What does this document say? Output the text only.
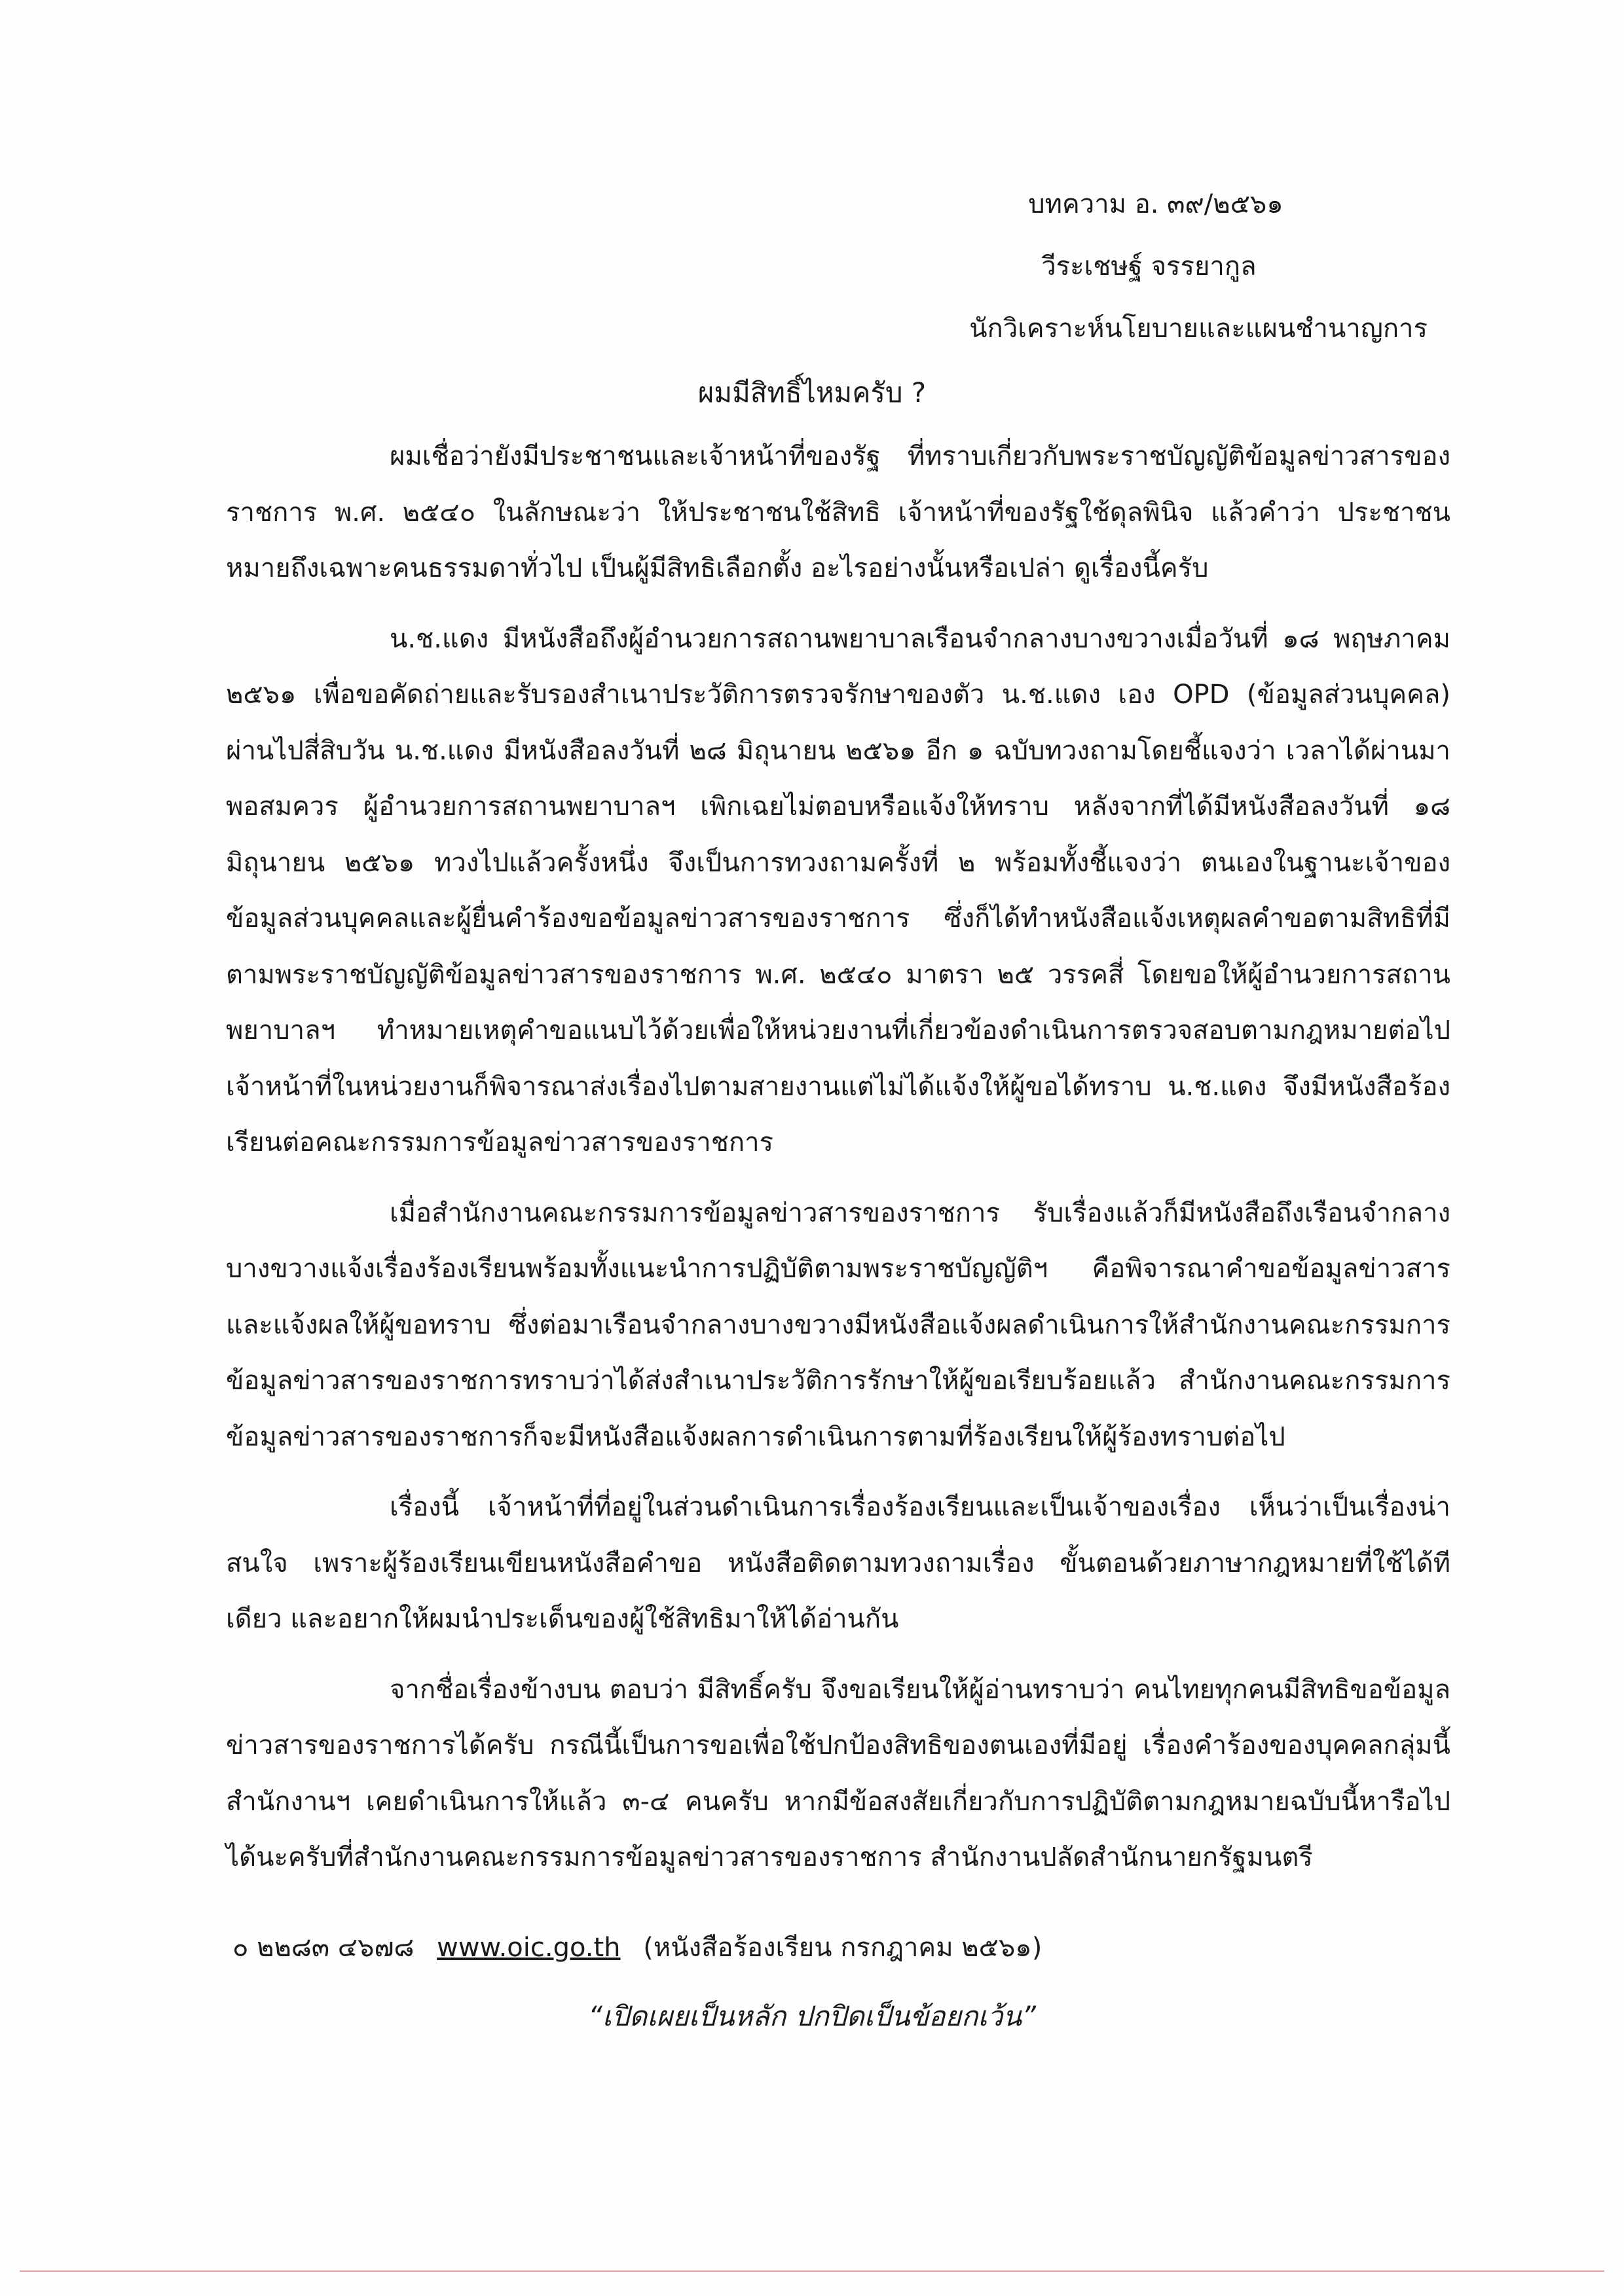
บทความ อ. ๓๙/๒๕๖๑
วีระเชษฐ์ จรรยากูล
นักวิเคราะห์นโยบายและแผนชำนาญการ
ผมมีสิทธิ์ไหมครับ ?

ผมเชื่อว่ายังมีประชาชนและเจ้าหน้าที่ของรัฐ ที่ทราบเกี่ยวกับพระราชบัญญัติข้อมูลข่าวสารของราชการ พ.ศ. ๒๕๔๐ ในลักษณะว่า ให้ประชาชนใช้สิทธิ เจ้าหน้าที่ของรัฐใช้ดุลพินิจ แล้วคำว่า ประชาชน หมายถึงเฉพาะคนธรรมดาทั่วไป เป็นผู้มีสิทธิเลือกตั้ง อะไรอย่างนั้นหรือเปล่า ดูเรื่องนี้ครับ

น.ช.แดง มีหนังสือถึงผู้อำนวยการสถานพยาบาลเรือนจำกลางบางขวางเมื่อวันที่ ๑๘ พฤษภาคม ๒๕๖๑ เพื่อขอคัดถ่ายและรับรองสำเนาประวัติการตรวจรักษาของตัว น.ช.แดง เอง OPD (ข้อมูลส่วนบุคคล) ผ่านไปสี่สิบวัน น.ช.แดง มีหนังสือลงวันที่ ๒๘ มิถุนายน ๒๕๖๑ อีก ๑ ฉบับทวงถามโดยชี้แจงว่า เวลาได้ผ่านมาพอสมควร ผู้อำนวยการสถานพยาบาลฯ เพิกเฉยไม่ตอบหรือแจ้งให้ทราบ หลังจากที่ได้มีหนังสือลงวันที่ ๑๘ มิถุนายน ๒๕๖๑ ทวงไปแล้วครั้งหนึ่ง จึงเป็นการทวงถามครั้งที่ ๒ พร้อมทั้งชี้แจงว่า ตนเองในฐานะเจ้าของข้อมูลส่วนบุคคลและผู้ยื่นคำร้องขอข้อมูลข่าวสารของราชการ ซึ่งก็ได้ทำหนังสือแจ้งเหตุผลคำขอตามสิทธิที่มีตามพระราชบัญญัติข้อมูลข่าวสารของราชการ พ.ศ. ๒๕๔๐ มาตรา ๒๕ วรรคสี่ โดยขอให้ผู้อำนวยการสถานพยาบาลฯ ทำหมายเหตุคำขอแนบไว้ด้วยเพื่อให้หน่วยงานที่เกี่ยวข้องดำเนินการตรวจสอบตามกฎหมายต่อไป เจ้าหน้าที่ในหน่วยงานก็พิจารณาส่งเรื่องไปตามสายงานแต่ไม่ได้แจ้งให้ผู้ขอได้ทราบ น.ช.แดง จึงมีหนังสือร้องเรียนต่อคณะกรรมการข้อมูลข่าวสารของราชการ

เมื่อสำนักงานคณะกรรมการข้อมูลข่าวสารของราชการ รับเรื่องแล้วก็มีหนังสือถึงเรือนจำกลางบางขวางแจ้งเรื่องร้องเรียนพร้อมทั้งแนะนำการปฏิบัติตามพระราชบัญญัติฯ คือพิจารณาคำขอข้อมูลข่าวสารและแจ้งผลให้ผู้ขอทราบ ซึ่งต่อมาเรือนจำกลางบางขวางมีหนังสือแจ้งผลดำเนินการให้สำนักงานคณะกรรมการข้อมูลข่าวสารของราชการทราบว่าได้ส่งสำเนาประวัติการรักษาให้ผู้ขอเรียบร้อยแล้ว สำนักงานคณะกรรมการข้อมูลข่าวสารของราชการก็จะมีหนังสือแจ้งผลการดำเนินการตามที่ร้องเรียนให้ผู้ร้องทราบต่อไป

เรื่องนี้ เจ้าหน้าที่ที่อยู่ในส่วนดำเนินการเรื่องร้องเรียนและเป็นเจ้าของเรื่อง เห็นว่าเป็นเรื่องน่าสนใจ เพราะผู้ร้องเรียนเขียนหนังสือคำขอ หนังสือติดตามทวงถามเรื่อง ขั้นตอนด้วยภาษากฎหมายที่ใช้ได้ทีเดียว และอยากให้ผมนำประเด็นของผู้ใช้สิทธิมาให้ได้อ่านกัน

จากชื่อเรื่องข้างบน ตอบว่า มีสิทธิ์ครับ จึงขอเรียนให้ผู้อ่านทราบว่า คนไทยทุกคนมีสิทธิขอข้อมูลข่าวสารของราชการได้ครับ กรณีนี้เป็นการขอเพื่อใช้ปกป้องสิทธิของตนเองที่มีอยู่ เรื่องคำร้องของบุคคลกลุ่มนี้ สำนักงานฯ เคยดำเนินการให้แล้ว ๓-๔ คนครับ หากมีข้อสงสัยเกี่ยวกับการปฏิบัติตามกฎหมายฉบับนี้หารือไปได้นะครับที่สำนักงานคณะกรรมการข้อมูลข่าวสารของราชการ สำนักงานปลัดสำนักนายกรัฐมนตรี

๐ ๒๒๘๓ ๔๖๗๘ www.oic.go.th (หนังสือร้องเรียน กรกฎาคม ๒๕๖๑)
“เปิดเผยเป็นหลัก ปกปิดเป็นข้อยกเว้น”
